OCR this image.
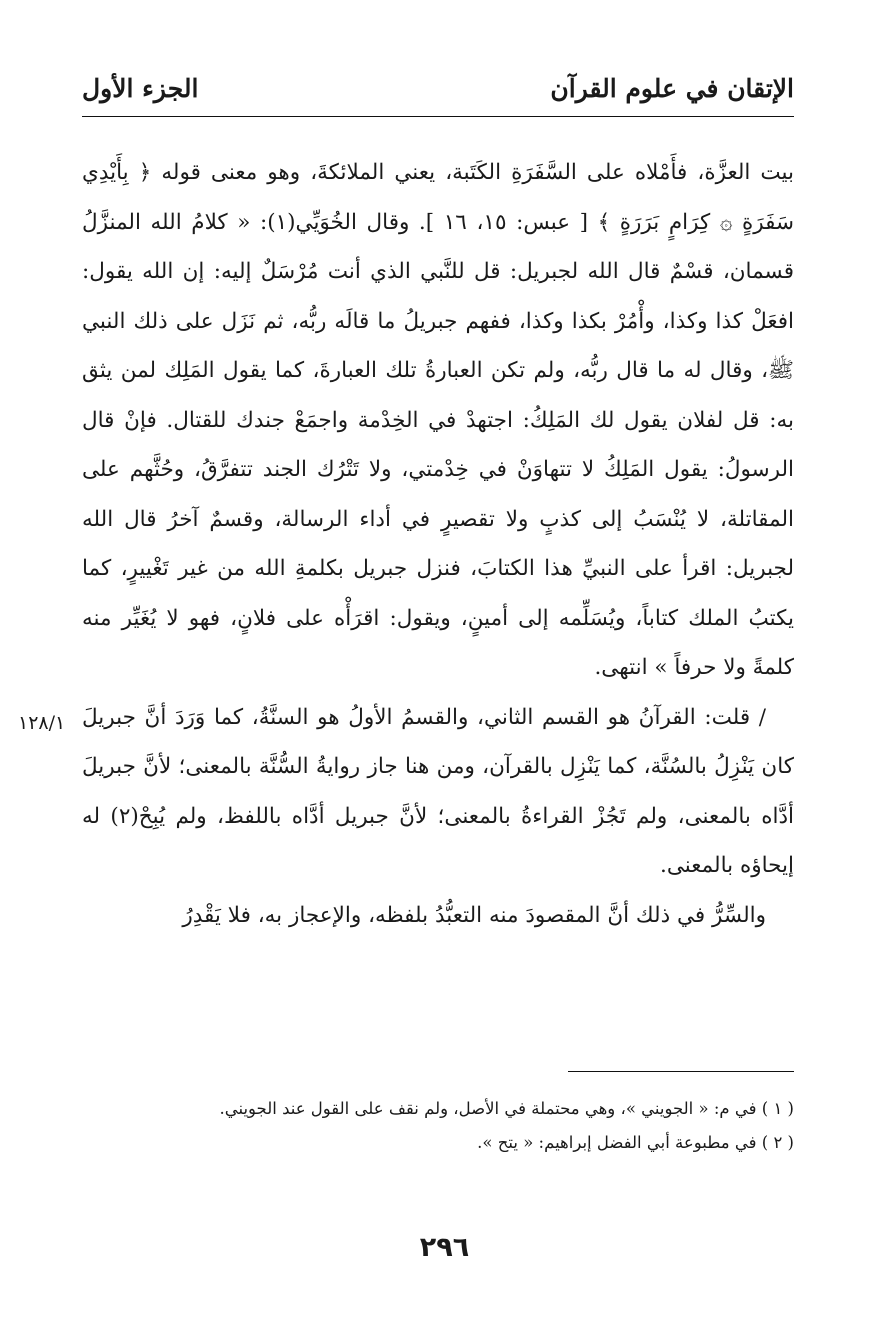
الإتقان في علوم القرآن
الجزء الأول

بيت العزَّة، فأَمْلاه على السَّفَرَةِ الكَتَبة، يعني الملائكةَ، وهو معنى قوله ﴿ بِأَيْدِي سَفَرَةٍ ۞ كِرَامٍ بَرَرَةٍ ﴾ [ عبس: ١٥، ١٦ ]. وقال الخُوَيِّي(١): « كلامُ الله المنزَّلُ قسمان، قسْمٌ قال الله لجبريل: قل للنَّبي الذي أنت مُرْسَلٌ إليه: إن الله يقول: افعَلْ كذا وكذا، وأْمُرْ بكذا وكذا، ففهم جبريلُ ما قالَه ربُّه، ثم نَزَل على ذلك النبي ﷺ، وقال له ما قال ربُّه، ولم تكن العبارةُ تلك العبارةَ، كما يقول المَلِك لمن يثق به: قل لفلان يقول لك المَلِكُ: اجتهدْ في الخِدْمة واجمَعْ جندك للقتال. فإنْ قال الرسولُ: يقول المَلِكُ لا تتهاوَنْ في خِدْمتي، ولا تَتْرُك الجند تتفرَّقُ، وحُثَّهم على المقاتلة، لا يُنْسَبُ إلى كذبٍ ولا تقصيرٍ في أداء الرسالة، وقسمٌ آخرُ قال الله لجبريل: اقرأ على النبيِّ هذا الكتابَ، فنزل جبريل بكلمةِ الله من غير تَغْييرٍ، كما يكتبُ الملك كتاباً، ويُسَلِّمه إلى أمينٍ، ويقول: اقرَأْه على فلانٍ، فهو لا يُغَيِّر منه كلمةً ولا حرفاً » انتهى.

/ قلت: القرآنُ هو القسم الثاني، والقسمُ الأولُ هو السنَّةُ، كما وَرَدَ أنَّ جبريلَ كان يَنْزِلُ بالسُنَّة، كما يَنْزِل بالقرآن، ومن هنا جاز روايةُ السُّنَّة بالمعنى؛ لأنَّ جبريلَ أدَّاه بالمعنى، ولم تَجُزْ القراءةُ بالمعنى؛ لأنَّ جبريل أدَّاه باللفظ، ولم يُبِحْ(٢) له إيحاؤه بالمعنى.

والسِّرُّ في ذلك أنَّ المقصودَ منه التعبُّدُ بلفظه، والإعجاز به، فلا يَقْدِرُ

١٢٨/١

( ١ ) في م: « الجويني »، وهي محتملة في الأصل، ولم نقف على القول عند الجويني.

( ٢ ) في مطبوعة أبي الفضل إبراهيم: « يتح ».

٢٩٦
